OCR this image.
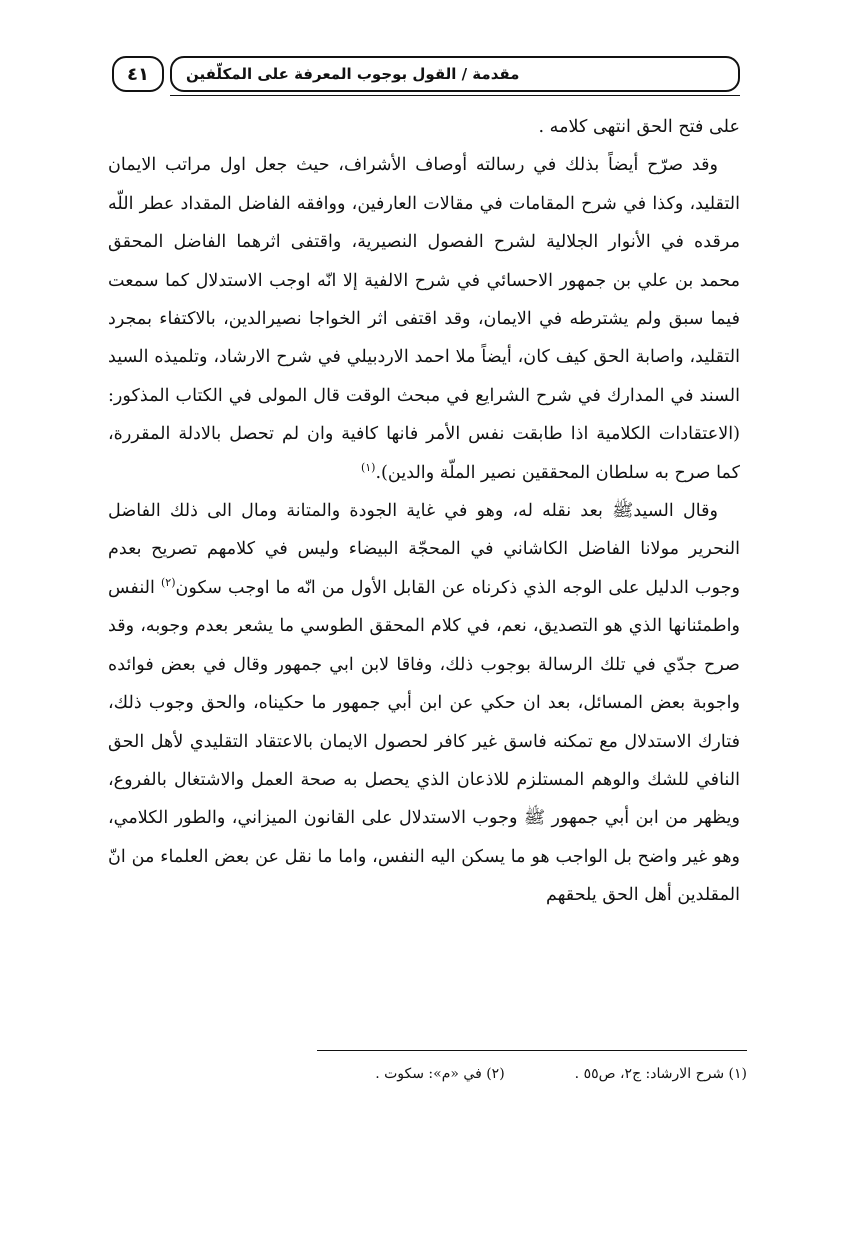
٤١	مقدمة / القول بوجوب المعرفة على المكلّفين

على فتح الحق انتهى كلامه .

وقد صرّح أيضاً بذلك في رسالته أوصاف الأشراف، حيث جعل اول مراتب الايمان التقليد، وكذا في شرح المقامات في مقالات العارفين، ووافقه الفاضل المقداد عطر اللّه مرقده في الأنوار الجلالية لشرح الفصول النصيرية، واقتفى اثرهما الفاضل المحقق محمد بن علي بن جمهور الاحسائي في شرح الالفية إلا انّه اوجب الاستدلال كما سمعت فيما سبق ولم يشترطه في الايمان، وقد اقتفى اثر الخواجا نصيرالدين، بالاكتفاء بمجرد التقليد، واصابة الحق كيف كان، أيضاً ملا احمد الاردبيلي في شرح الارشاد، وتلميذه السيد السند في المدارك في شرح الشرايع في مبحث الوقت قال المولى في الكتاب المذكور: (الاعتقادات الكلامية اذا طابقت نفس الأمر فانها كافية وان لم تحصل بالادلة المقررة، كما صرح به سلطان المحققين نصير الملّة والدين).$^{(١)}$

وقال السيدﷺ بعد نقله له، وهو في غاية الجودة والمتانة ومال الى ذلك الفاضل النحرير مولانا الفاضل الكاشاني في المحجّة البيضاء وليس في كلامهم تصريح بعدم وجوب الدليل على الوجه الذي ذكرناه عن القابل الأول من انّه ما اوجب سكون$^{(٢)}$ النفس واطمئنانها الذي هو التصديق، نعم، في كلام المحقق الطوسي ما يشعر بعدم وجوبه، وقد صرح جدّي في تلك الرسالة بوجوب ذلك، وفاقا لابن ابي جمهور وقال في بعض فوائده واجوبة بعض المسائل، بعد ان حكي عن ابن أبي جمهور ما حكيناه، والحق وجوب ذلك، فتارك الاستدلال مع تمكنه فاسق غير كافر لحصول الايمان بالاعتقاد التقليدي لأهل الحق النافي للشك والوهم المستلزم للاذعان الذي يحصل به صحة العمل والاشتغال بالفروع، ويظهر من ابن أبي جمهور ﷺ وجوب الاستدلال على القانون الميزاني، والطور الكلامي، وهو غير واضح بل الواجب هو ما يسكن اليه النفس، واما ما نقل عن بعض العلماء من انّ المقلدين أهل الحق يلحقهم

(١) شرح الارشاد: ج٢، ص٥٥ .
(٢) في «م»: سكوت .
